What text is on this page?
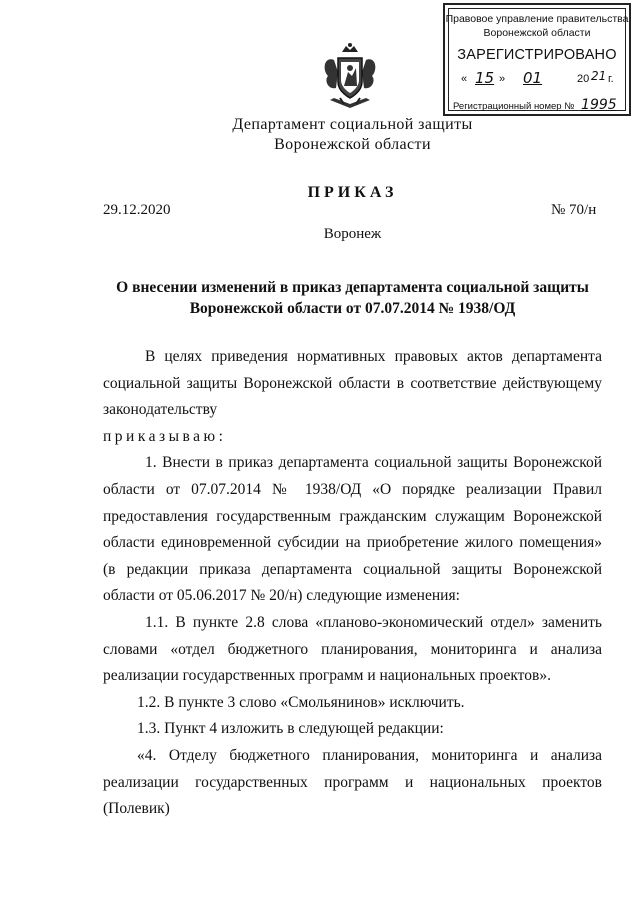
Правовое управление правительства Воронежской области
ЗАРЕГИСТРИРОВАНО
« 15 » 01	20 21 г.
Регистрационный номер № 1995
Департамент социальной защиты
Воронежской области
ПРИКАЗ
29.12.2020	№ 70/н
Воронеж
О внесении изменений в приказ департамента социальной защиты
Воронежской области от 07.07.2014 № 1938/ОД

В целях приведения нормативных правовых актов департамента социальной защиты Воронежской области в соответствие действующему законодательству

приказываю:

1. Внести в приказ департамента социальной защиты Воронежской области от 07.07.2014 № 1938/ОД «О порядке реализации Правил предоставления государственным гражданским служащим Воронежской области единовременной субсидии на приобретение жилого помещения» (в редакции приказа департамента социальной защиты Воронежской области от 05.06.2017 № 20/н) следующие изменения:

1.1. В пункте 2.8 слова «планово-экономический отдел» заменить словами «отдел бюджетного планирования, мониторинга и анализа реализации государственных программ и национальных проектов».

1.2. В пункте 3 слово «Смольянинов» исключить.

1.3. Пункт 4 изложить в следующей редакции:

«4. Отделу бюджетного планирования, мониторинга и анализа реализации государственных программ и национальных проектов (Полевик)
